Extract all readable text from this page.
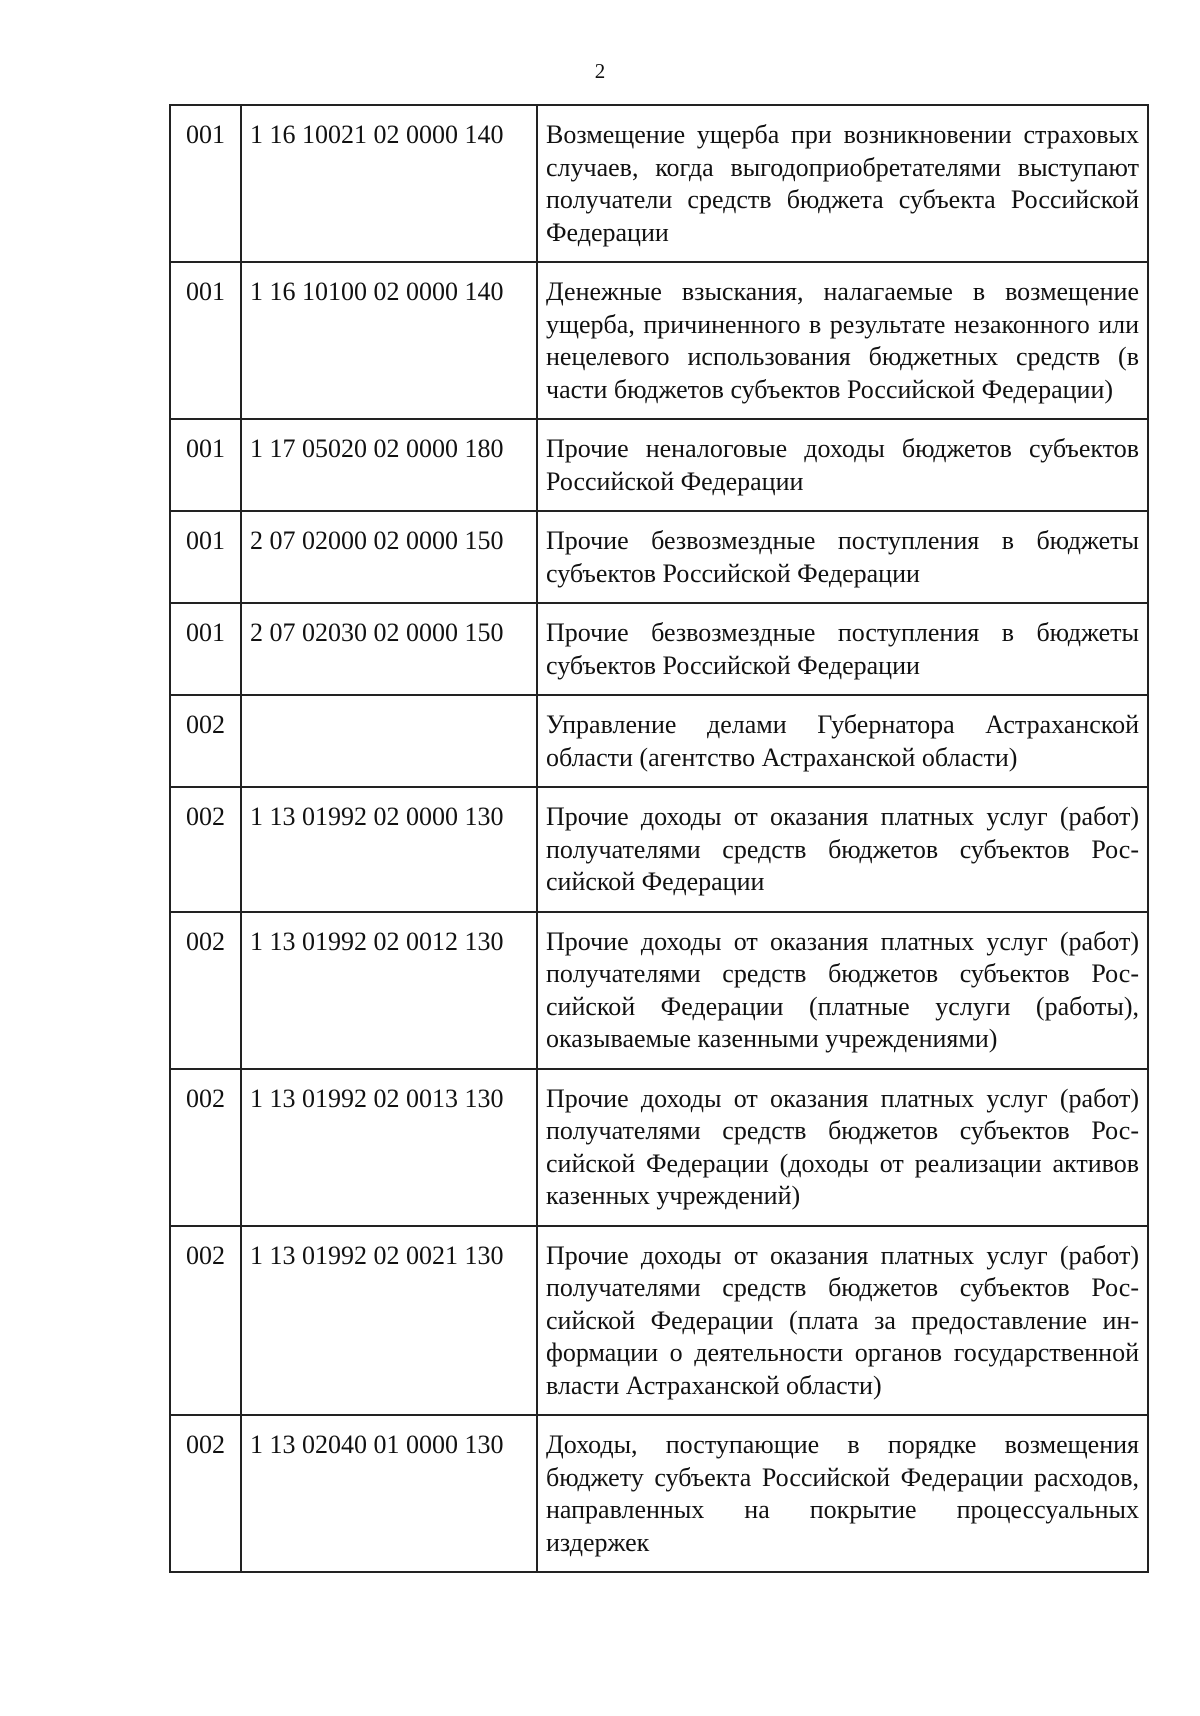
2
001	1 16 10021 02 0000 140	Возмещение ущерба при возникновении страховых случаев, когда выгодоприобретателями выступают получатели средств бюджета субъекта Российской Федерации
001	1 16 10100 02 0000 140	Денежные взыскания, налагаемые в возмещение ущерба, причиненного в результате незаконного или нецелевого использования бюджетных средств (в части бюджетов субъектов Российской Федерации)
001	1 17 05020 02 0000 180	Прочие неналоговые доходы бюджетов субъектов Российской Федерации
001	2 07 02000 02 0000 150	Прочие безвозмездные поступления в бюджеты субъектов Российской Федерации
001	2 07 02030 02 0000 150	Прочие безвозмездные поступления в бюджеты субъектов Российской Федерации
002		Управление делами Губернатора Астраханской области (агентство Астраханской области)
002	1 13 01992 02 0000 130	Прочие доходы от оказания платных услуг (работ) получателями средств бюджетов субъектов Российской Федерации
002	1 13 01992 02 0012 130	Прочие доходы от оказания платных услуг (работ) получателями средств бюджетов субъектов Российской Федерации (платные услуги (работы), оказываемые казенными учреждениями)
002	1 13 01992 02 0013 130	Прочие доходы от оказания платных услуг (работ) получателями средств бюджетов субъектов Российской Федерации (доходы от реализации активов казенных учреждений)
002	1 13 01992 02 0021 130	Прочие доходы от оказания платных услуг (работ) получателями средств бюджетов субъектов Российской Федерации (плата за предоставление информации о деятельности органов государственной власти Астраханской области)
002	1 13 02040 01 0000 130	Доходы, поступающие в порядке возмещения бюджету субъекта Российской Федерации расходов, направленных на покрытие процессуальных издержек
